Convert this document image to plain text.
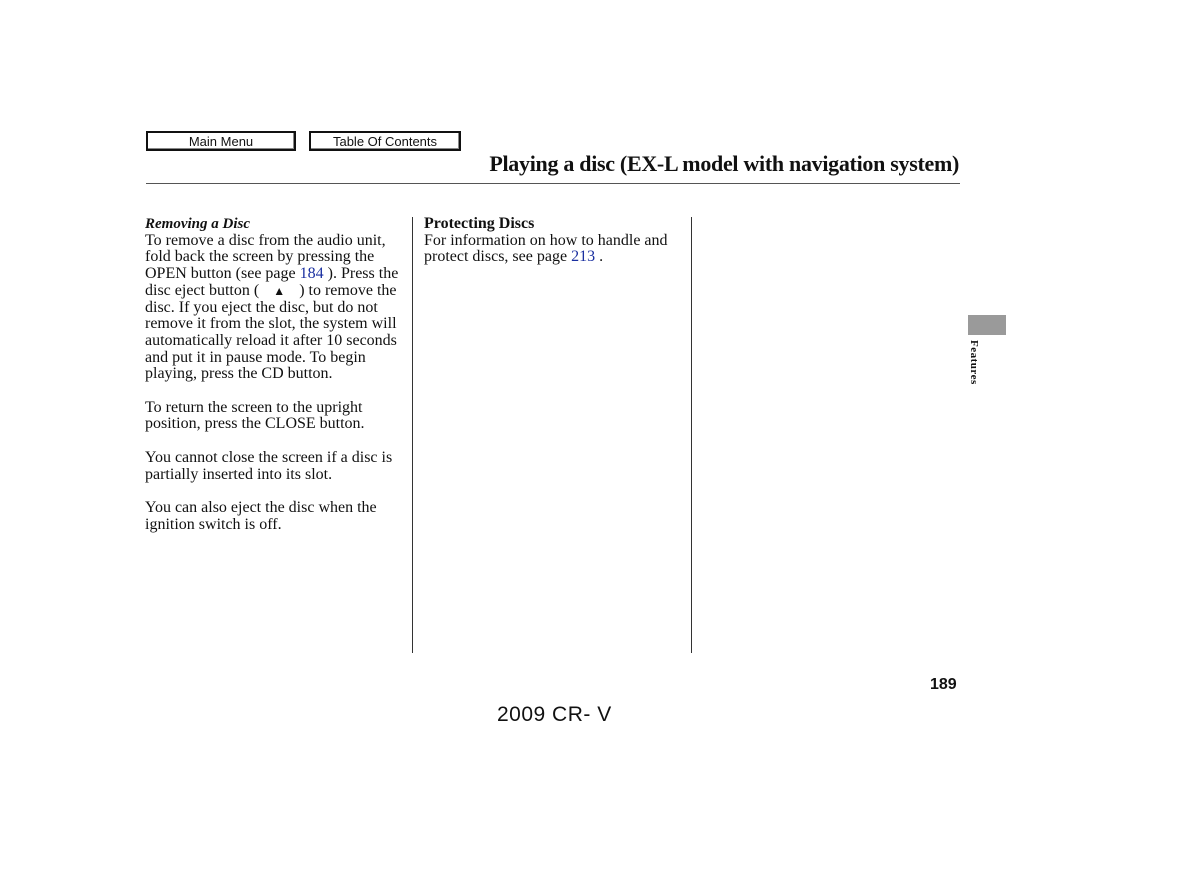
Main Menu	Table Of Contents
Playing a disc (EX-L model with navigation system)
Removing a Disc

To remove a disc from the audio unit, fold back the screen by pressing the OPEN button (see page 184 ). Press the disc eject button ( ▲︎ ) to remove the disc. If you eject the disc, but do not remove it from the slot, the system will automatically reload it after 10 seconds and put it in pause mode. To begin playing, press the CD button.

To return the screen to the upright position, press the CLOSE button.

You cannot close the screen if a disc is partially inserted into its slot.

You can also eject the disc when the ignition switch is off.

Protecting Discs

For information on how to handle and protect discs, see page 213 .

Features
189
2009 CR- V
